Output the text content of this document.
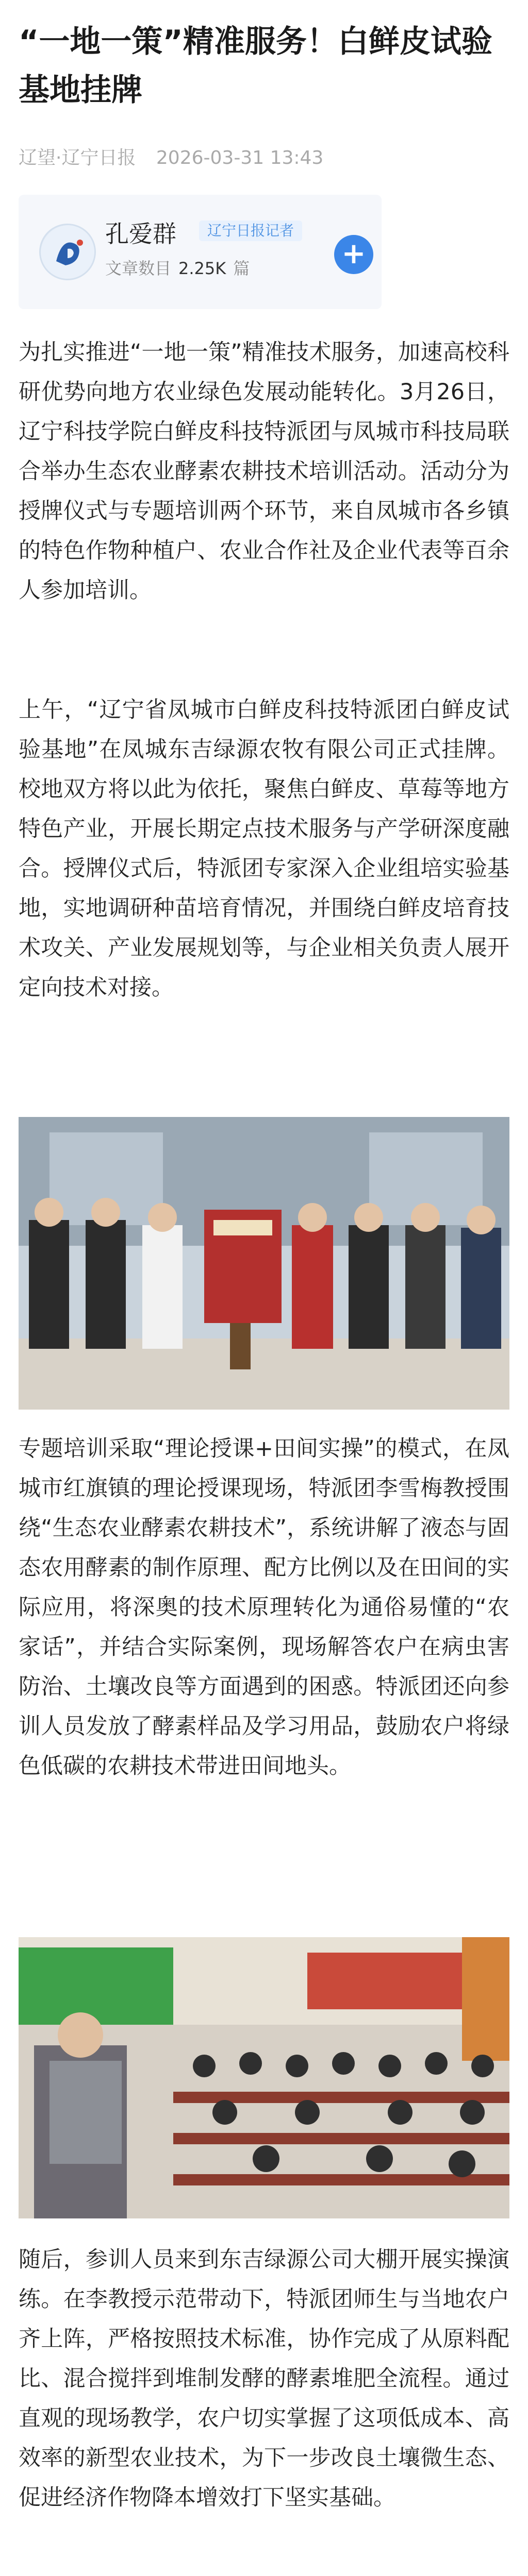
“一地一策”精准服务！白鲜皮试验基地挂牌
辽望·辽宁日报 2026-03-31 13:43
孔爱群	辽宁日报记者
文章数目 2.25K 篇	+

为扎实推进“一地一策”精准技术服务，加速高校科研优势向地方农业绿色发展动能转化。3月26日，辽宁科技学院白鲜皮科技特派团与凤城市科技局联合举办生态农业酵素农耕技术培训活动。活动分为授牌仪式与专题培训两个环节，来自凤城市各乡镇的特色作物种植户、农业合作社及企业代表等百余人参加培训。

上午，“辽宁省凤城市白鲜皮科技特派团白鲜皮试验基地”在凤城东吉绿源农牧有限公司正式挂牌。校地双方将以此为依托，聚焦白鲜皮、草莓等地方特色产业，开展长期定点技术服务与产学研深度融合。授牌仪式后，特派团专家深入企业组培实验基地，实地调研种苗培育情况，并围绕白鲜皮培育技术攻关、产业发展规划等，与企业相关负责人展开定向技术对接。

专题培训采取“理论授课+田间实操”的模式，在凤城市红旗镇的理论授课现场，特派团李雪梅教授围绕“生态农业酵素农耕技术”，系统讲解了液态与固态农用酵素的制作原理、配方比例以及在田间的实际应用，将深奥的技术原理转化为通俗易懂的“农家话”，并结合实际案例，现场解答农户在病虫害防治、土壤改良等方面遇到的困惑。特派团还向参训人员发放了酵素样品及学习用品，鼓励农户将绿色低碳的农耕技术带进田间地头。

随后，参训人员来到东吉绿源公司大棚开展实操演练。在李教授示范带动下，特派团师生与当地农户齐上阵，严格按照技术标准，协作完成了从原料配比、混合搅拌到堆制发酵的酵素堆肥全流程。通过直观的现场教学，农户切实掌握了这项低成本、高效率的新型农业技术，为下一步改良土壤微生态、促进经济作物降本增效打下坚实基础。
